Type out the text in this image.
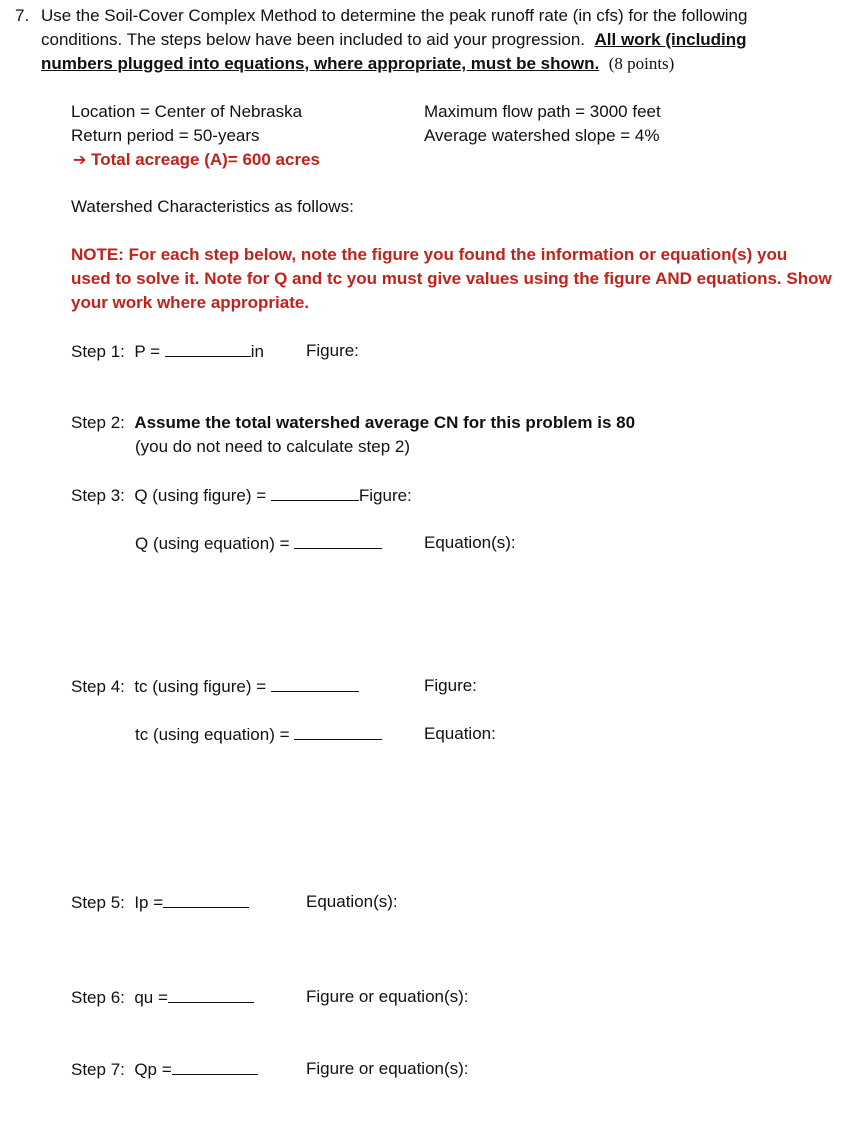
7. Use the Soil-Cover Complex Method to determine the peak runoff rate (in cfs) for the following
conditions. The steps below have been included to aid your progression. All work (including
numbers plugged into equations, where appropriate, must be shown. (8 points)
Location = Center of Nebraska
Return period = 50-years
➔ Total acreage (A)= 600 acres
Maximum flow path = 3000 feet
Average watershed slope = 4%
Watershed Characteristics as follows:
NOTE: For each step below, note the figure you found the information or equation(s) you
used to solve it. Note for Q and tᴄ you must give values using the figure AND equations. Show
your work where appropriate.
Step 1: P =	in Figure:
Step 2: Assume the total watershed average CN for this problem is 80
(you do not need to calculate step 2)
Step 3: Q (using figure) =	Figure:
Q (using equation) =	Equation(s):
Step 4: tᴄ (using figure) =	Figure:
tᴄ (using equation) =	Equation:
Step 5: Ip =	Equation(s):
Step 6: qu =	Figure or equation(s):
Step 7: Qp =	Figure or equation(s):
